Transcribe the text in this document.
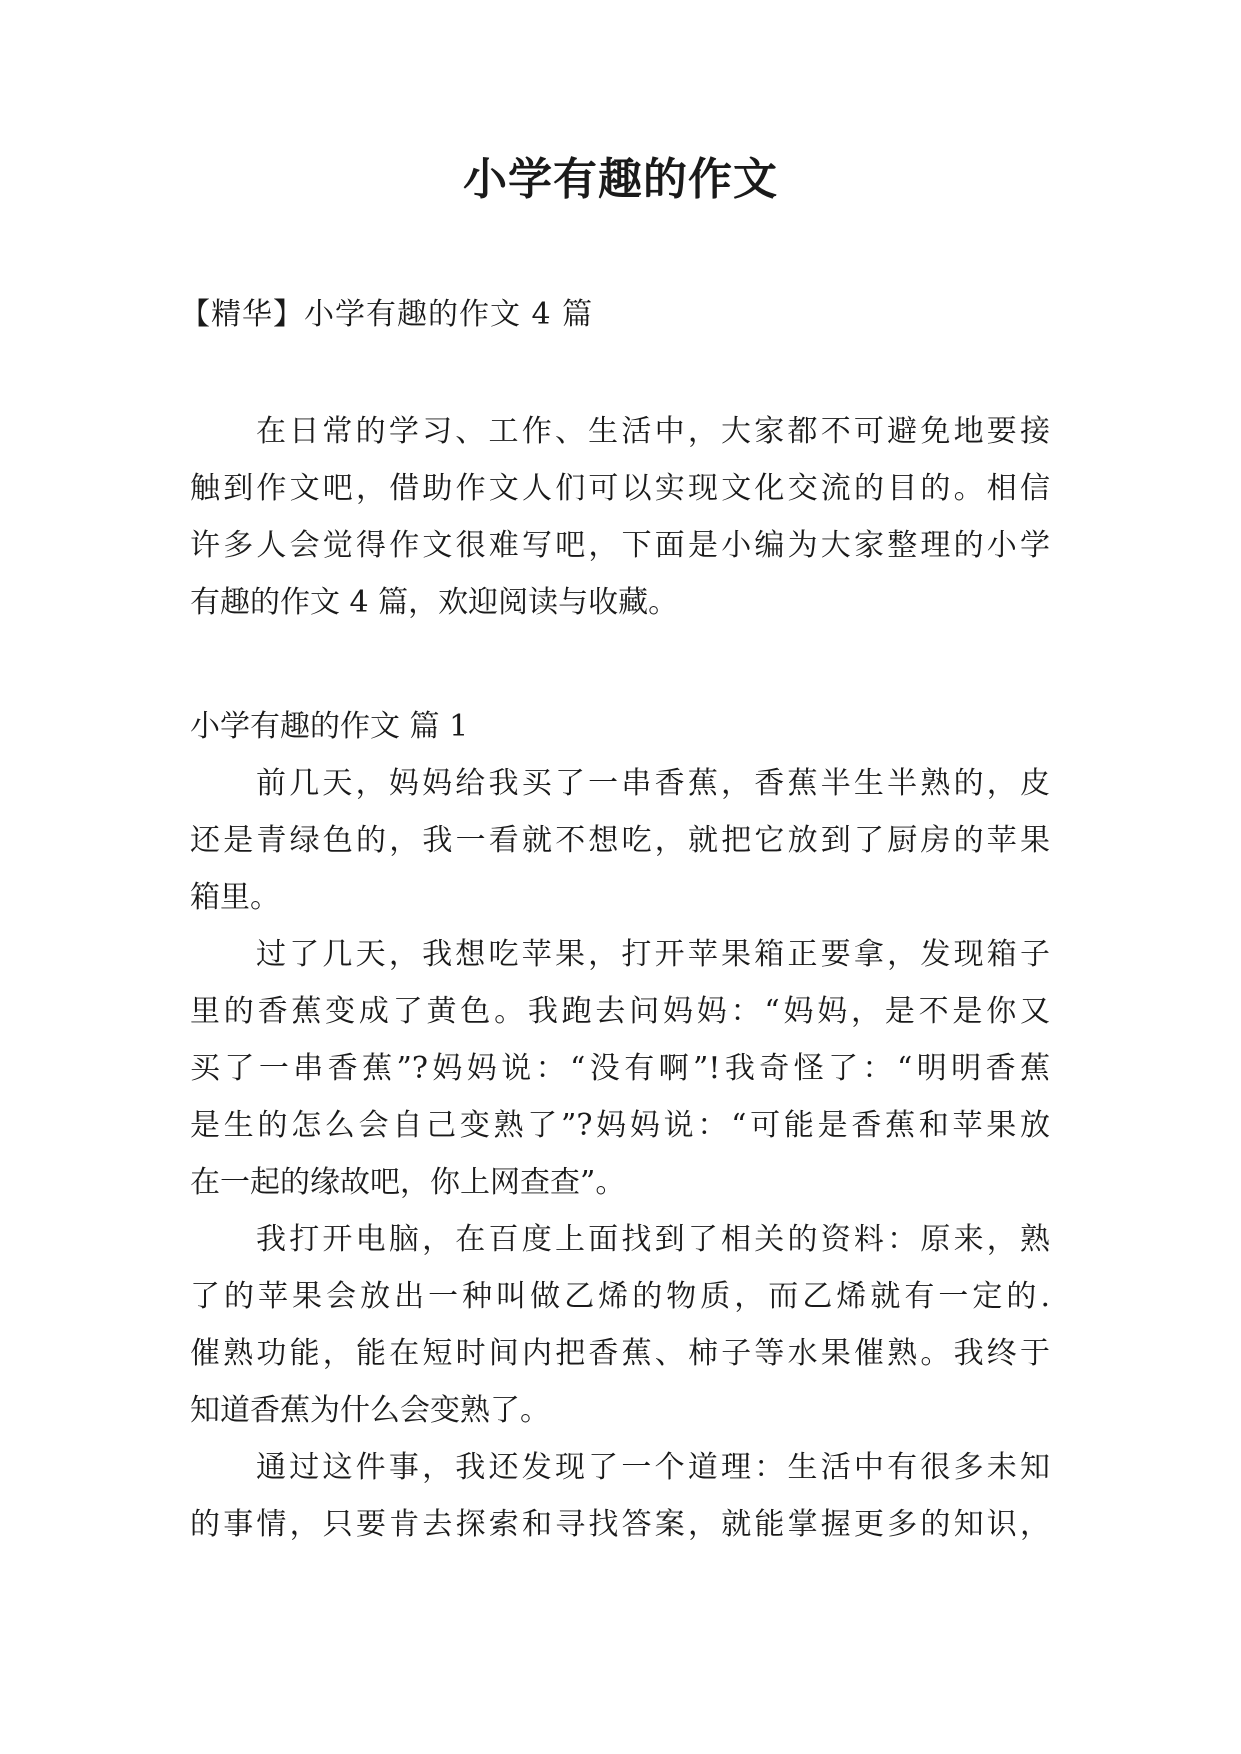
小学有趣的作文
【精华】小学有趣的作文 4 篇
在日常的学习、工作、生活中，大家都不可避免地要接
触到作文吧，借助作文人们可以实现文化交流的目的。相信
许多人会觉得作文很难写吧，下面是小编为大家整理的小学
有趣的作文 4 篇，欢迎阅读与收藏。
小学有趣的作文 篇 1
前几天，妈妈给我买了一串香蕉，香蕉半生半熟的，皮
还是青绿色的，我一看就不想吃，就把它放到了厨房的苹果
箱里。
过了几天，我想吃苹果，打开苹果箱正要拿，发现箱子
里的香蕉变成了黄色。我跑去问妈妈：“妈妈，是不是你又
买了一串香蕉”?妈妈说：“没有啊”!我奇怪了：“明明香蕉
是生的怎么会自己变熟了”?妈妈说：“可能是香蕉和苹果放
在一起的缘故吧，你上网查查”。
我打开电脑，在百度上面找到了相关的资料：原来，熟
了的苹果会放出一种叫做乙烯的物质，而乙烯就有一定的.
催熟功能，能在短时间内把香蕉、柿子等水果催熟。我终于
知道香蕉为什么会变熟了。
通过这件事，我还发现了一个道理：生活中有很多未知
的事情，只要肯去探索和寻找答案，就能掌握更多的知识，
